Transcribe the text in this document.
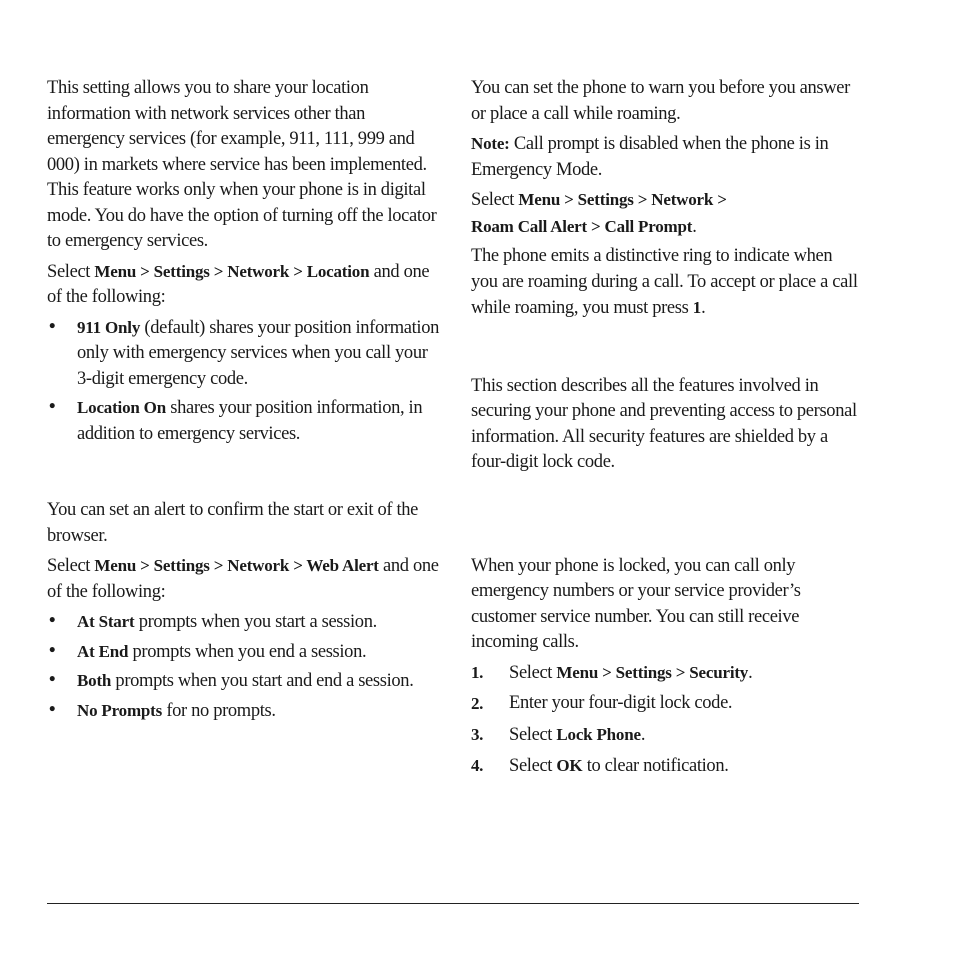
This setting allows you to share your location information with network services other than emergency services (for example, 911, 111, 999 and 000) in markets where service has been implemented. This feature works only when your phone is in digital mode. You do have the option of turning off the locator to emergency services.

Select Menu > Settings > Network > Location and one of the following:

• 911 Only (default) shares your position information only with emergency services when you call your 3-digit emergency code.
• Location On shares your position information, in addition to emergency services.

You can set an alert to confirm the start or exit of the browser.

Select Menu > Settings > Network > Web Alert and one of the following:

• At Start prompts when you start a session.
• At End prompts when you end a session.
• Both prompts when you start and end a session.
• No Prompts for no prompts.

You can set the phone to warn you before you answer or place a call while roaming.

Note: Call prompt is disabled when the phone is in Emergency Mode.

Select Menu > Settings > Network >
Roam Call Alert > Call Prompt.

The phone emits a distinctive ring to indicate when you are roaming during a call. To accept or place a call while roaming, you must press 1.

This section describes all the features involved in securing your phone and preventing access to personal information. All security features are shielded by a four-digit lock code.

When your phone is locked, you can call only emergency numbers or your service provider’s customer service number. You can still receive incoming calls.

1. Select Menu > Settings > Security.
2. Enter your four-digit lock code.
3. Select Lock Phone.
4. Select OK to clear notification.
